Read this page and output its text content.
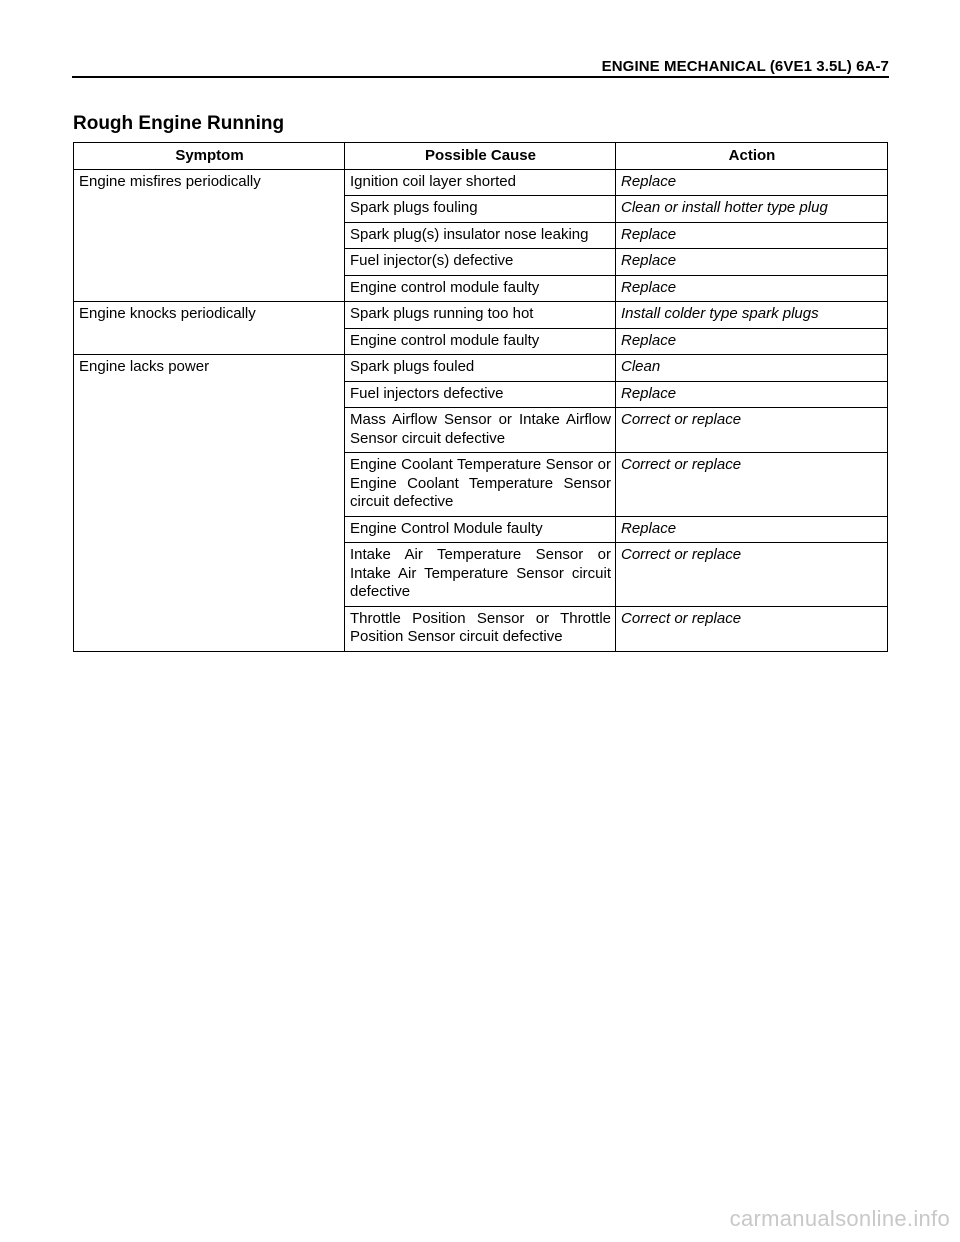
ENGINE MECHANICAL (6VE1 3.5L) 6A-7
Rough Engine Running
Symptom	Possible Cause	Action
Engine misfires periodically	Ignition coil layer shorted	Replace
	Spark plugs fouling	Clean or install hotter type plug
	Spark plug(s) insulator nose leaking	Replace
	Fuel injector(s) defective	Replace
	Engine control module faulty	Replace
Engine knocks periodically	Spark plugs running too hot	Install colder type spark plugs
	Engine control module faulty	Replace
Engine lacks power	Spark plugs fouled	Clean
	Fuel injectors defective	Replace
	Mass Airflow Sensor or Intake Airflow Sensor circuit defective	Correct or replace
	Engine Coolant Temperature Sensor or Engine Coolant Temperature Sensor circuit defective	Correct or replace
	Engine Control Module faulty	Replace
	Intake Air Temperature Sensor or Intake Air Temperature Sensor circuit defective	Correct or replace
	Throttle Position Sensor or Throttle Position Sensor circuit defective	Correct or replace
carmanualsonline.info
